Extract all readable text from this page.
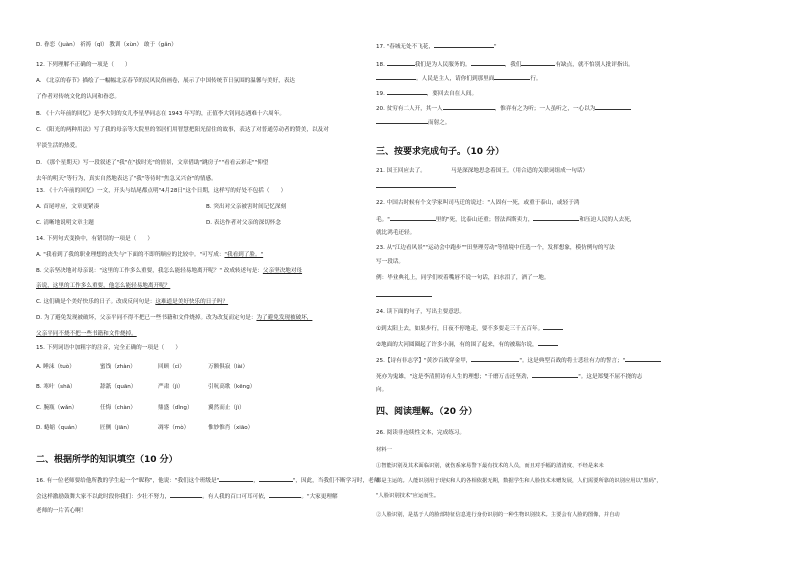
D. 眷恋（juàn） 祈祷（qǐ） 教训（xùn） 敢于（gǎn）
12. 下列理解不正确的一项是（　　）
A. 《北京的春节》描绘了一幅幅北京春节的民风民俗画卷，展示了中国传统节日氛围的温馨与美好，表达
了作者对传统文化的认同和眷恋。
B. 《十六年前的回忆》是李大钊的女儿李星华同志在 1943 年写的，正值李大钊同志遇难十六周年。
C. 《阳光的两种用法》写了我的母亲等大院里的邻居们用智慧把阳光留住的故事，表达了对普通劳动者的赞美，以及对
平淡生活的热爱。
D. 《那个星期天》写一段叙述了"我"在"拔时光"的情景，文章借助"跳房子""看看云彩走""仰望
去年的明天"等行为，真实自然地表达了"我"等待时"焦急又兴奋"的情感。
13. 《十六年前的回忆》一文，开头与结尾都点明"4月28日"这个日期，这样写的好处不包括（　　）
A. 首尾呼应，文章更紧凑	B. 突出对父亲被害时间记忆深刻
C. 清晰地说明文章主题	D. 表达作者对父亲的深切怀念
14. 下列句式变换中，有错误的一项是（　　）
A. "我看到了我的职业理想的丧失与"下面的不即所顺应的比较中。"可写成："我看到了脸。"
B. 父亲坚决地对母亲说："这里的工作多么重要，我怎么能轻易地离开呢？" 改成转述句是：父亲坚决地对母
亲说，这里的工作多么重要，他怎么能轻易地离开呢？
C. 这们确是个美好快乐的日子。改成反问句是：这难道是美好快乐的日子吗？
D. 为了避免发现被破坏，父亲平同不得不把已一些书籍和文件烧掉。改为改复而定句是：为了避免发现被破坏，
父亲平同不烧不把一些书籍和文件烧掉。
15. 下列词语中加粗字的注音，完全正确的一项是（　　）
A. 睡沫（tuò）	蜜饯（zhàn）	回顾（cì）	万额俱寂（lài）
B. 寒叶（shā）	舔舐（quān）	严肃（jì）	引吭高歌（kēng）
C. 腕瓶（wǎn）	任悔（chàn）	鼎盛（dǐng）	翼然而止（jì）
D. 蜷缩（quán）	匠侧（jiān）	凋零（mò）	惟妙惟肖（xiāo）
二、根据所学的知识填空（10 分）
16. 有一位老师要给他所教的学生起一个"昵称"，他说："我们这个班级是"	，	"，因此，当我们不断学习时，老师
会这样激励鼓舞大家不以此时段你我们：少壮不努力，	。有人我的百口可耳可依，	。"大家更理解
老师的一片苦心啊！
17. "春城无处不飞花，	"
18.	我们是为人民服务的。	，我们	有缺点，就不怕别人批评指出。
。人民是主人，请你们到那里面	行。
19.	，要回去自在人间。
20. 贫穷有二人开，其一人	，惟弈有之为听；一人虽听之，一心以为
而射之。
三、按要求完成句子。（10 分）
21. 国王回应去了。　　　　　马是深深地思念着国王。（用合适的关联词组成一句话）
22. 中国古时候有个文学家叫司马迁的说过："人固有一死，或重于泰山，或轻于鸿
毛。"	里的"死，比泰山还重；替法西斯卖力，	和压迫人民的人去死，
就比鸿毛还轻。
23. 从"江边看风景""运动会中跑步""田坚理劳动"等情境中任选一个，发挥想象，模仿例句的写法
写一段话。
例：毕业典礼上，同学们咬着嘴唇不说一句话，汩水泪了，酒了一地。
24. 读下面的句子，写出主要意思。
①到太阳上去，如果步行，日夜不停地走，要不多要走三千五百年。
②地面的大河圆圈起了许多小洞，有的围了起来，有的被瑞尔说，
25.【诗有非志学】"黄沙百战穿金甲，	"。这是典型百战的将士悲壮有力的誓言；"
死亦为鬼雄，"这是李清照诗有人生的理想；"千磨万击还坚劲，	"。这是郑燮不屈不挠的志
向。
四、阅读理解。（20 分）
26. 阅读非连续性文本，完成练习。
材料一
①智能识别及其术面临识别，就伤系家易警下最有技术的人员，而且对手幅的清清度、不经是来未
都是主运的。人能识别用于现实和人的各相依据无期，数据学生和人脸技术未赠发展，人们需要所靠的识别应用以"黑码"，
"人脸识别技术"应运而生。
②人脸识别，是基于人的脸部特征信息进行身份识别的一种生物识别技术。主要会有人脸的图像，并自动
